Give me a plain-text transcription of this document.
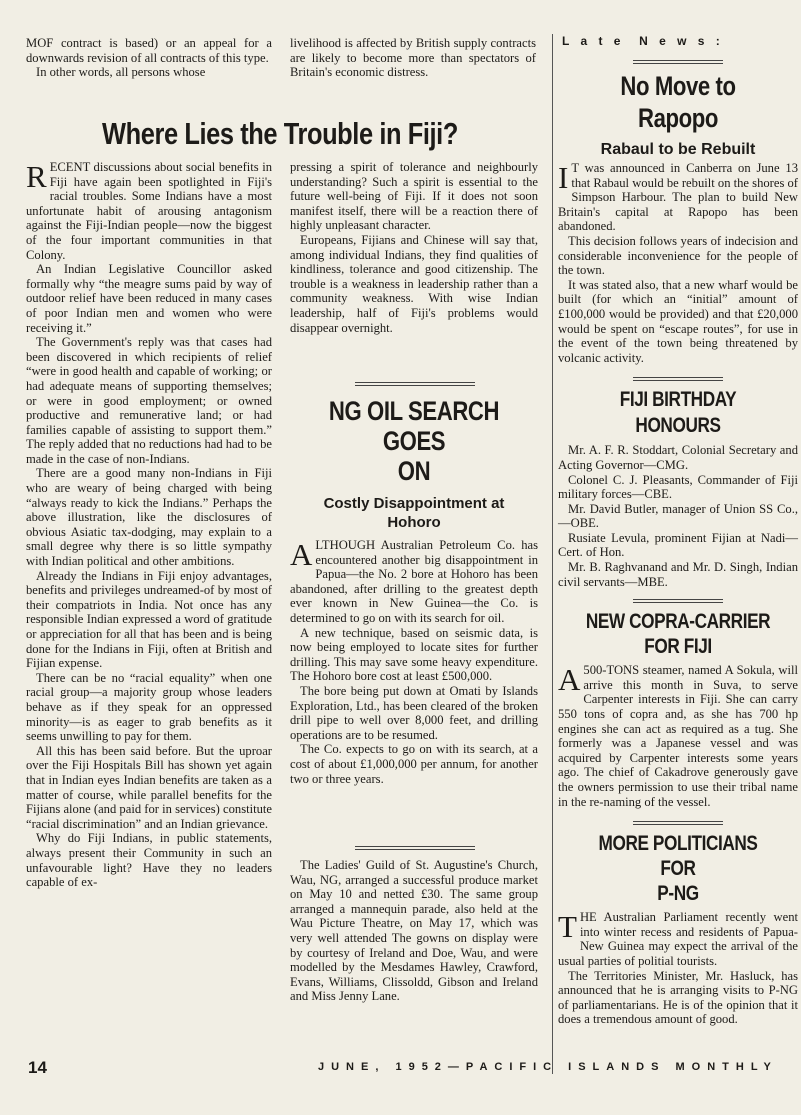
MOF contract is based) or an appeal for a downwards revision of all contracts of this type.

In other words, all persons whose

livelihood is affected by British supply contracts are likely to become more than spectators of Britain's economic distress.

Where Lies the Trouble in Fiji?

RECENT discussions about social benefits in Fiji have again been spotlighted in Fiji's racial troubles. Some Indians have a most unfortunate habit of arousing antagonism against the Fiji-Indian people—now the biggest of the four important communities in that Colony.

An Indian Legislative Councillor asked formally why “the meagre sums paid by way of outdoor relief have been reduced in many cases of poor Indian men and women who were receiving it.”

The Government's reply was that cases had been discovered in which recipients of relief “were in good health and capable of working; or had adequate means of supporting themselves; or were in good employment; or owned productive and remunerative land; or had families capable of assisting to support them.” The reply added that no reductions had had to be made in the case of non-Indians.

There are a good many non-Indians in Fiji who are weary of being charged with being “always ready to kick the Indians.” Perhaps the above illustration, like the disclosures of obvious Asiatic tax-dodging, may explain to a small degree why there is so little sympathy with Indian political and other ambitions.

Already the Indians in Fiji enjoy advantages, benefits and privileges undreamed-of by most of their compatriots in India. Not once has any responsible Indian expressed a word of gratitude or appreciation for all that has been and is being done for the Indians in Fiji, often at British and Fijian expense.

There can be no “racial equality” when one racial group—a majority group whose leaders behave as if they speak for an oppressed minority—is as eager to grab benefits as it seems unwilling to pay for them.

All this has been said before. But the uproar over the Fiji Hospitals Bill has shown yet again that in Indian eyes Indian benefits are taken as a matter of course, while parallel benefits for the Fijians alone (and paid for in services) constitute “racial discrimination” and an Indian grievance.

Why do Fiji Indians, in public statements, always present their Community in such an unfavourable light? Have they no leaders capable of ex-

pressing a spirit of tolerance and neighbourly understanding? Such a spirit is essential to the future well-being of Fiji. If it does not soon manifest itself, there will be a reaction there of highly unpleasant character.

Europeans, Fijians and Chinese will say that, among individual Indians, they find qualities of kindliness, tolerance and good citizenship. The trouble is a weakness in leadership rather than a community weakness. With wise Indian leadership, half of Fiji's problems would disappear overnight.

NG OIL SEARCH GOES
ON
Costly Disappointment at Hohoro

ALTHOUGH Australian Petroleum Co. has encountered another big disappointment in Papua—the No. 2 bore at Hohoro has been abandoned, after drilling to the greatest depth ever known in New Guinea—the Co. is determined to go on with its search for oil.

A new technique, based on seismic data, is now being employed to locate sites for further drilling. This may save some heavy expenditure. The Hohoro bore cost at least £500,000.

The bore being put down at Omati by Islands Exploration, Ltd., has been cleared of the broken drill pipe to well over 8,000 feet, and drilling operations are to be resumed.

The Co. expects to go on with its search, at a cost of about £1,000,000 per annum, for another two or three years.

The Ladies' Guild of St. Augustine's Church, Wau, NG, arranged a successful produce market on May 10 and netted £30. The same group arranged a mannequin parade, also held at the Wau Picture Theatre, on May 17, which was very well attended The gowns on display were by courtesy of Ireland and Doe, Wau, and were modelled by the Mesdames Hawley, Crawford, Evans, Williams, Clissoldd, Gibson and Ireland and Miss Jenny Lane.

L a t e  N e w s :
No Move to Rapopo
Rabaul to be Rebuilt

I T was announced in Canberra on June 13 that Rabaul would be rebuilt on the shores of Simpson Harbour. The plan to build New Britain's capital at Rapopo has been abandoned.

This decision follows years of indecision and considerable inconvenience for the people of the town.

It was stated also, that a new wharf would be built (for which an “initial” amount of £100,000 would be provided) and that £20,000 would be spent on “escape routes”, for use in the event of the town being threatened by volcanic activity.

FIJI BIRTHDAY HONOURS

Mr. A. F. R. Stoddart, Colonial Secretary and Acting Governor—CMG.

Colonel C. J. Pleasants, Commander of Fiji military forces—CBE.

Mr. David Butler, manager of Union SS Co.,—OBE.

Rusiate Levula, prominent Fijian at Nadi—Cert. of Hon.

Mr. B. Raghvanand and Mr. D. Singh, Indian civil servants—MBE.

NEW COPRA-CARRIER
FOR FIJI

A 500-TONS steamer, named A Sokula, will arrive this month in Suva, to serve Carpenter interests in Fiji. She can carry 550 tons of copra and, as she has 700 hp engines she can act as required as a tug. She formerly was a Japanese vessel and was acquired by Carpenter interests some years ago. The chief of Cakadrove generously gave the owners permission to use their tribal name in the re-naming of the vessel.

MORE POLITICIANS FOR
P-NG

THE Australian Parliament recently went into winter recess and residents of Papua-New Guinea may expect the arrival of the usual parties of politial tourists.

The Territories Minister, Mr. Hasluck, has announced that he is arranging visits to P-NG of parliamentarians. He is of the opinion that it does a tremendous amount of good.

14	JUNE, 1952—PACIFIC ISLANDS MONTHLY
